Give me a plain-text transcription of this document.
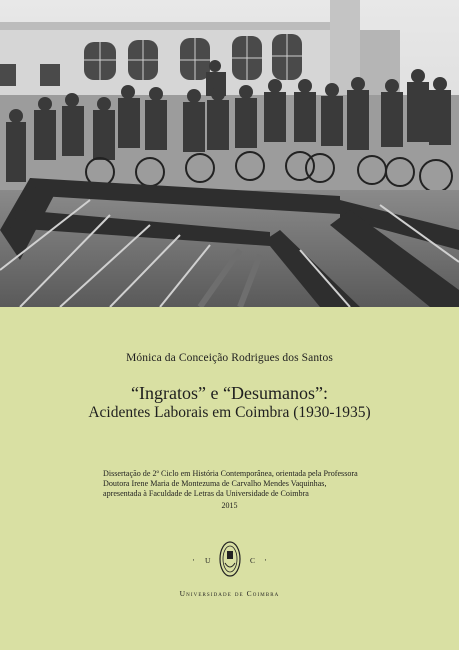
Mónica da Conceição Rodrigues dos Santos
“Ingratos” e “Desumanos”:
Acidentes Laborais em Coimbra (1930-1935)
Dissertação de 2º Ciclo em História Contemporânea, orientada pela Professora Doutora Irene Maria de Montezuma de Carvalho Mendes Vaquinhas, apresentada à Faculdade de Letras da Universidade de Coimbra
2015
· U	C ·
Universidade de Coimbra
